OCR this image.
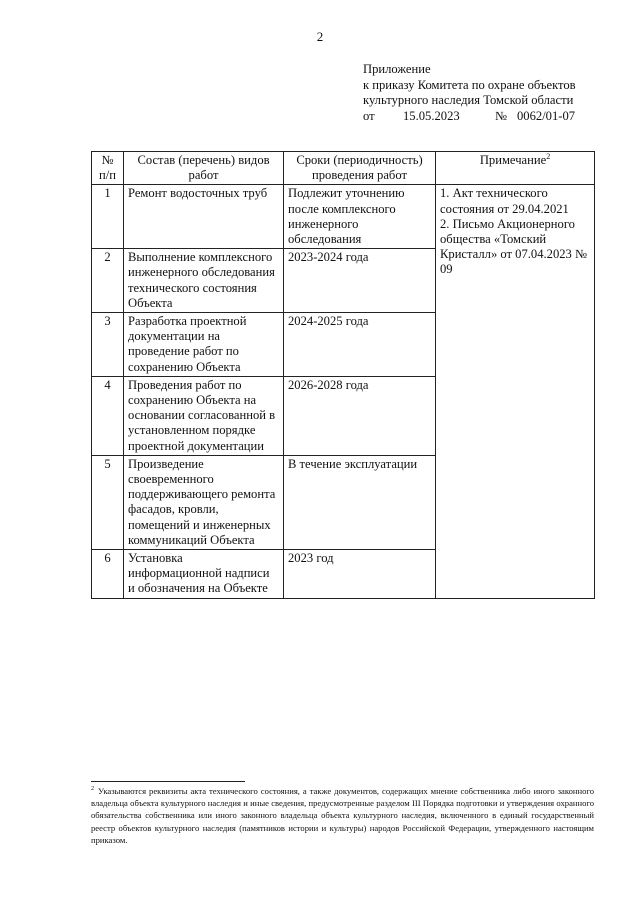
2
Приложение
к приказу Комитета по охране объектов
культурного наследия Томской области
от 15.05.2023	№ 0062/01-07
№ п/п	Состав (перечень) видов работ	Сроки (периодичность) проведения работ	Примечание$^2$
1	Ремонт водосточных труб	Подлежит уточнению после комплексного инженерного обследования	1. Акт технического состояния от 29.04.2021
2. Письмо Акционерного общества «Томский Кристалл» от 07.04.2023 № 09

2	Выполнение комплексного инженерного обследования технического состояния Объекта	2023-2024 года	
3	Разработка проектной документации на проведение работ по сохранению Объекта	2024-2025 года	
4	Проведения работ по сохранению Объекта на основании согласованной в установленном порядке проектной документации	2026-2028 года	
5	Произведение своевременного поддерживающего ремонта фасадов, кровли, помещений и инженерных коммуникаций Объекта	В течение эксплуатации	
6	Установка информационной надписи и обозначения на Объекте	2023 год	
$^2$ Указываются реквизиты акта технического состояния, а также документов, содержащих мнение собственника либо иного законного владельца объекта культурного наследия и иные сведения, предусмотренные разделом III Порядка подготовки и утверждения охранного обязательства собственника или иного законного владельца объекта культурного наследия, включенного в единый государственный реестр объектов культурного наследия (памятников истории и культуры) народов Российской Федерации, утвержденного настоящим приказом.
